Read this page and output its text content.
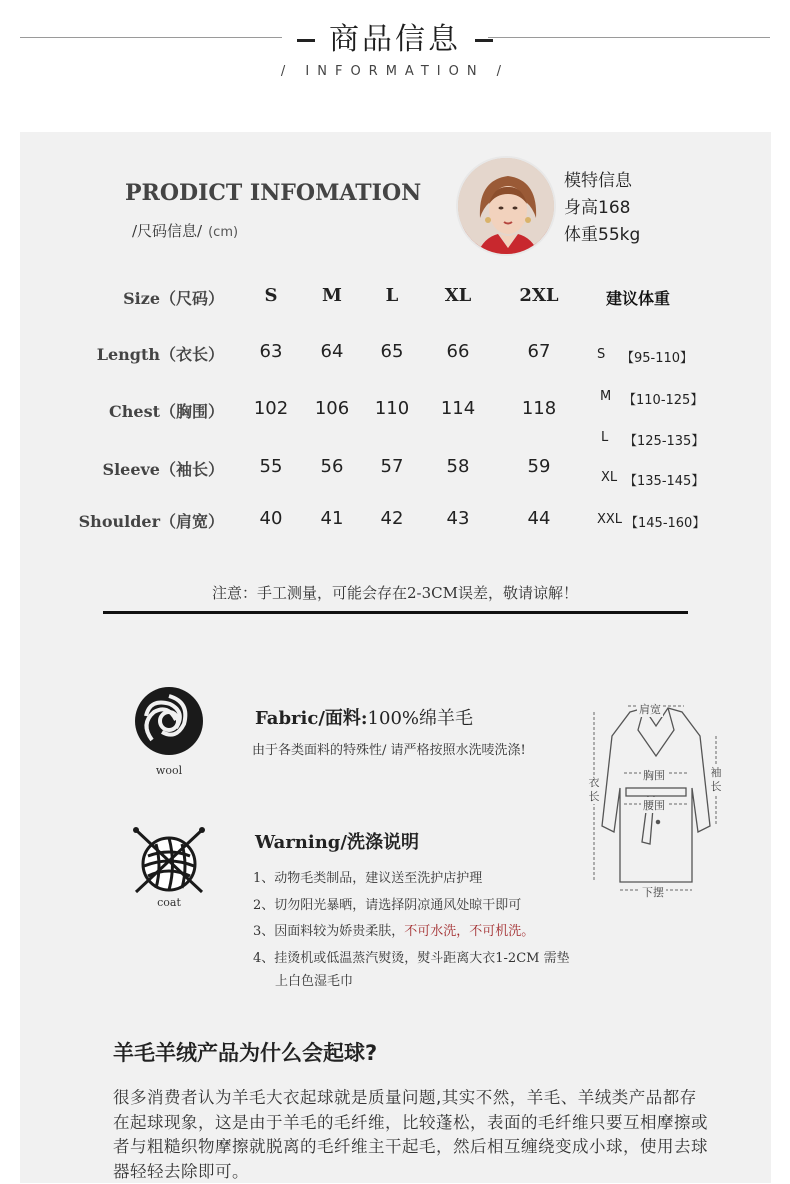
商品信息
/ INFORMATION /
PRODICT INFOMATION
/尺码信息/ (cm)
模特信息
身高168
体重55kg
Size（尺码） S M L	XL	2XL
Length（衣长） 63 64 65 66	67
Chest（胸围） 102 106 110 114	118
Sleeve（袖长） 55 56 57 58	59
Shoulder（肩宽） 40 41 42 43	44
建议体重
S 【95-110】
M 【110-125】
L 【125-135】
XL 【135-145】
XXL 【145-160】
注意：手工测量，可能会存在2-3CM误差，敬请谅解！
wool
Fabric/面料:100%绵羊毛
由于各类面料的特殊性/ 请严格按照水洗唛洗涤!
coat
Warning/洗涤说明
1、动物毛类制品，建议送至洗护店护理
2、切勿阳光暴晒，请选择阴凉通风处晾干即可
3、因面料较为娇贵柔肤，不可水洗，不可机洗。
4、挂烫机或低温蒸汽熨烫，熨斗距离大衣1-2CM 需垫
上白色湿毛巾
肩宽
胸围
腰围
下摆
衣长
袖长
羊毛羊绒产品为什么会起球?
很多消费者认为羊毛大衣起球就是质量问题,其实不然，羊毛、羊绒类产品都存在起球现象，这是由于羊毛的毛纤维，比较蓬松，表面的毛纤维只要互相摩擦或者与粗糙织物摩擦就脱离的毛纤维主干起毛，然后相互缠绕变成小球，使用去球器轻轻去除即可。
